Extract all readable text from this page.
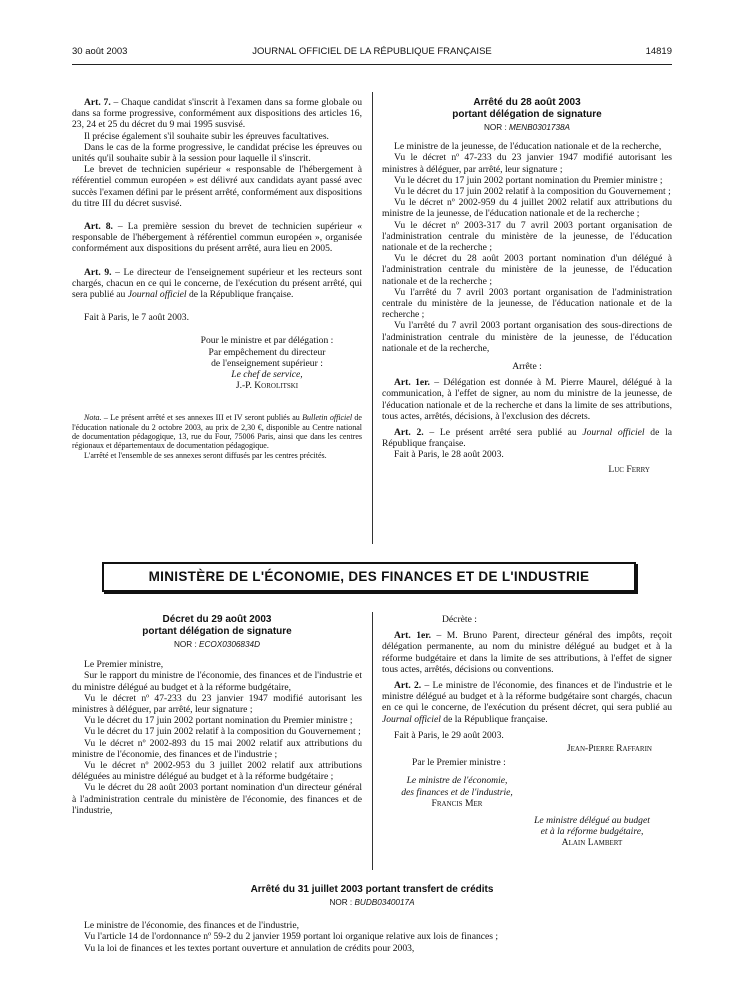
30 août 2003	JOURNAL OFFICIEL DE LA RÉPUBLIQUE FRANÇAISE	14819

Art. 7. – Chaque candidat s'inscrit à l'examen dans sa forme globale ou dans sa forme progressive, conformément aux dispositions des articles 16, 23, 24 et 25 du décret du 9 mai 1995 susvisé.

Il précise également s'il souhaite subir les épreuves facultatives.

Dans le cas de la forme progressive, le candidat précise les épreuves ou unités qu'il souhaite subir à la session pour laquelle il s'inscrit.

Le brevet de technicien supérieur « responsable de l'hébergement à référentiel commun européen » est délivré aux candidats ayant passé avec succès l'examen défini par le présent arrêté, conformément aux dispositions du titre III du décret susvisé.

Art. 8. – La première session du brevet de technicien supérieur « responsable de l'hébergement à référentiel commun européen », organisée conformément aux dispositions du présent arrêté, aura lieu en 2005.

Art. 9. – Le directeur de l'enseignement supérieur et les recteurs sont chargés, chacun en ce qui le concerne, de l'exécution du présent arrêté, qui sera publié au Journal officiel de la République française.

Fait à Paris, le 7 août 2003.

Pour le ministre et par délégation :
Par empêchement du directeur
de l'enseignement supérieur :
Le chef de service,
J.-P. Korolitski

Nota. – Le présent arrêté et ses annexes III et IV seront publiés au Bulletin officiel de l'éducation nationale du 2 octobre 2003, au prix de 2,30 €, disponible au Centre national de documentation pédagogique, 13, rue du Four, 75006 Paris, ainsi que dans les centres régionaux et départementaux de documentation pédagogique.

L'arrêté et l'ensemble de ses annexes seront diffusés par les centres précités.

Arrêté du 28 août 2003
portant délégation de signature
NOR : MENB0301738A

Le ministre de la jeunesse, de l'éducation nationale et de la recherche,

Vu le décret nº 47-233 du 23 janvier 1947 modifié autorisant les ministres à déléguer, par arrêté, leur signature ;

Vu le décret du 17 juin 2002 portant nomination du Premier ministre ;

Vu le décret du 17 juin 2002 relatif à la composition du Gouvernement ;

Vu le décret nº 2002-959 du 4 juillet 2002 relatif aux attributions du ministre de la jeunesse, de l'éducation nationale et de la recherche ;

Vu le décret nº 2003-317 du 7 avril 2003 portant organisation de l'administration centrale du ministère de la jeunesse, de l'éducation nationale et de la recherche ;

Vu le décret du 28 août 2003 portant nomination d'un délégué à l'administration centrale du ministère de la jeunesse, de l'éducation nationale et de la recherche ;

Vu l'arrêté du 7 avril 2003 portant organisation de l'administration centrale du ministère de la jeunesse, de l'éducation nationale et de la recherche ;

Vu l'arrêté du 7 avril 2003 portant organisation des sous-directions de l'administration centrale du ministère de la jeunesse, de l'éducation nationale et de la recherche,

Arrête :

Art. 1er. – Délégation est donnée à M. Pierre Maurel, délégué à la communication, à l'effet de signer, au nom du ministre de la jeunesse, de l'éducation nationale et de la recherche et dans la limite de ses attributions, tous actes, arrêtés, décisions, à l'exclusion des décrets.

Art. 2. – Le présent arrêté sera publié au Journal officiel de la République française.

Fait à Paris, le 28 août 2003.

Luc Ferry
MINISTÈRE DE L'ÉCONOMIE, DES FINANCES ET DE L'INDUSTRIE
Décret du 29 août 2003
portant délégation de signature
NOR : ECOX0306834D

Le Premier ministre,

Sur le rapport du ministre de l'économie, des finances et de l'industrie et du ministre délégué au budget et à la réforme budgétaire,

Vu le décret nº 47-233 du 23 janvier 1947 modifié autorisant les ministres à déléguer, par arrêté, leur signature ;

Vu le décret du 17 juin 2002 portant nomination du Premier ministre ;

Vu le décret du 17 juin 2002 relatif à la composition du Gouvernement ;

Vu le décret nº 2002-893 du 15 mai 2002 relatif aux attributions du ministre de l'économie, des finances et de l'industrie ;

Vu le décret nº 2002-953 du 3 juillet 2002 relatif aux attributions déléguées au ministre délégué au budget et à la réforme budgétaire ;

Vu le décret du 28 août 2003 portant nomination d'un directeur général à l'administration centrale du ministère de l'économie, des finances et de l'industrie,

Décrète :

Art. 1er. – M. Bruno Parent, directeur général des impôts, reçoit délégation permanente, au nom du ministre délégué au budget et à la réforme budgétaire et dans la limite de ses attributions, à l'effet de signer tous actes, arrêtés, décisions ou conventions.

Art. 2. – Le ministre de l'économie, des finances et de l'industrie et le ministre délégué au budget et à la réforme budgétaire sont chargés, chacun en ce qui le concerne, de l'exécution du présent décret, qui sera publié au Journal officiel de la République française.

Fait à Paris, le 29 août 2003.

Jean-Pierre Raffarin
Par le Premier ministre :
Le ministre de l'économie,
des finances et de l'industrie,
Francis Mer
Le ministre délégué au budget
et à la réforme budgétaire,
Alain Lambert
Arrêté du 31 juillet 2003 portant transfert de crédits
NOR : BUDB0340017A

Le ministre de l'économie, des finances et de l'industrie,

Vu l'article 14 de l'ordonnance nº 59-2 du 2 janvier 1959 portant loi organique relative aux lois de finances ;

Vu la loi de finances et les textes portant ouverture et annulation de crédits pour 2003,
